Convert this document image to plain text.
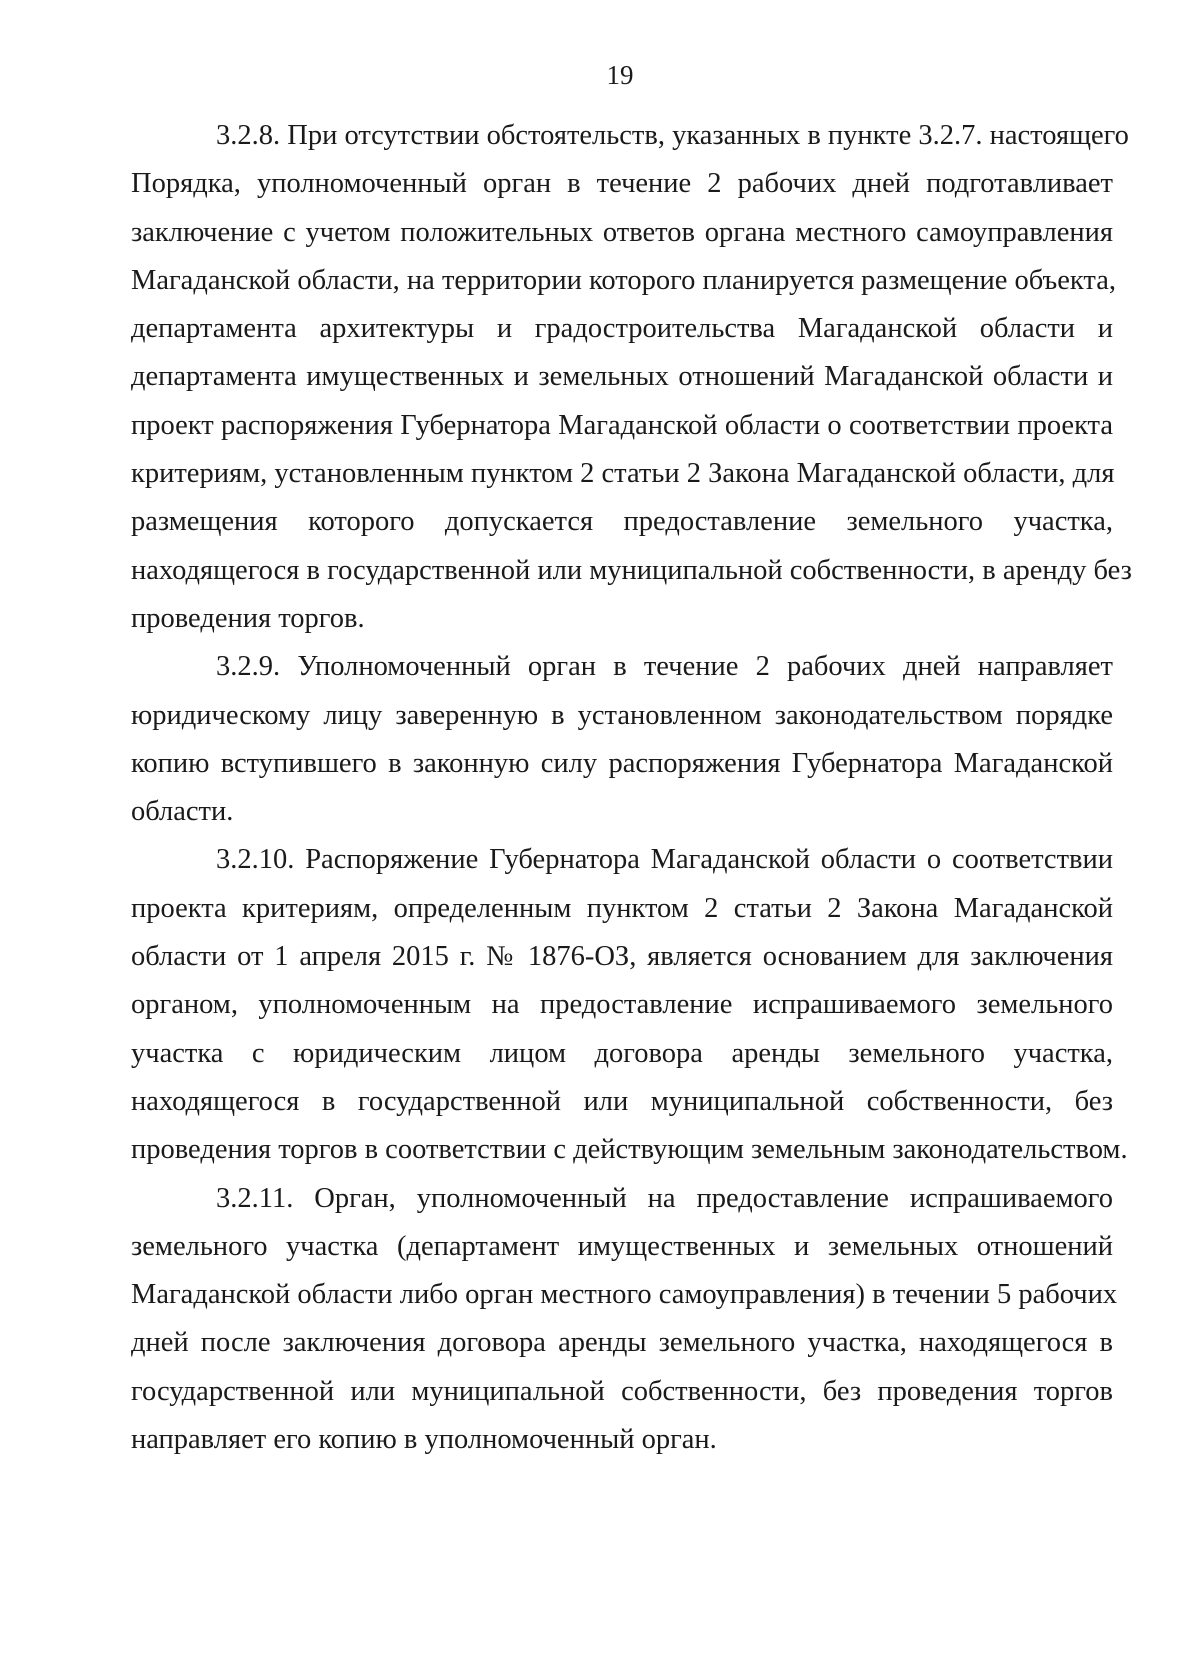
19
3.2.8. При отсутствии обстоятельств, указанных в пункте 3.2.7. настоящего
Порядка, уполномоченный орган в течение 2 рабочих дней подготавливает
заключение с учетом положительных ответов органа местного самоуправления
Магаданской области, на территории которого планируется размещение объекта,
департамента архитектуры и градостроительства Магаданской области и
департамента имущественных и земельных отношений Магаданской области и
проект распоряжения Губернатора Магаданской области о соответствии проекта
критериям, установленным пунктом 2 статьи 2 Закона Магаданской области, для
размещения которого допускается предоставление земельного участка,
находящегося в государственной или муниципальной собственности, в аренду без
проведения торгов.
3.2.9. Уполномоченный орган в течение 2 рабочих дней направляет
юридическому лицу заверенную в установленном законодательством порядке
копию вступившего в законную силу распоряжения Губернатора Магаданской
области.
3.2.10. Распоряжение Губернатора Магаданской области о соответствии
проекта критериям, определенным пунктом 2 статьи 2 Закона Магаданской
области от 1 апреля 2015 г. № 1876-ОЗ, является основанием для заключения
органом, уполномоченным на предоставление испрашиваемого земельного
участка с юридическим лицом договора аренды земельного участка,
находящегося в государственной или муниципальной собственности, без
проведения торгов в соответствии с действующим земельным законодательством.
3.2.11. Орган, уполномоченный на предоставление испрашиваемого
земельного участка (департамент имущественных и земельных отношений
Магаданской области либо орган местного самоуправления) в течении 5 рабочих
дней после заключения договора аренды земельного участка, находящегося в
государственной или муниципальной собственности, без проведения торгов
направляет его копию в уполномоченный орган.
